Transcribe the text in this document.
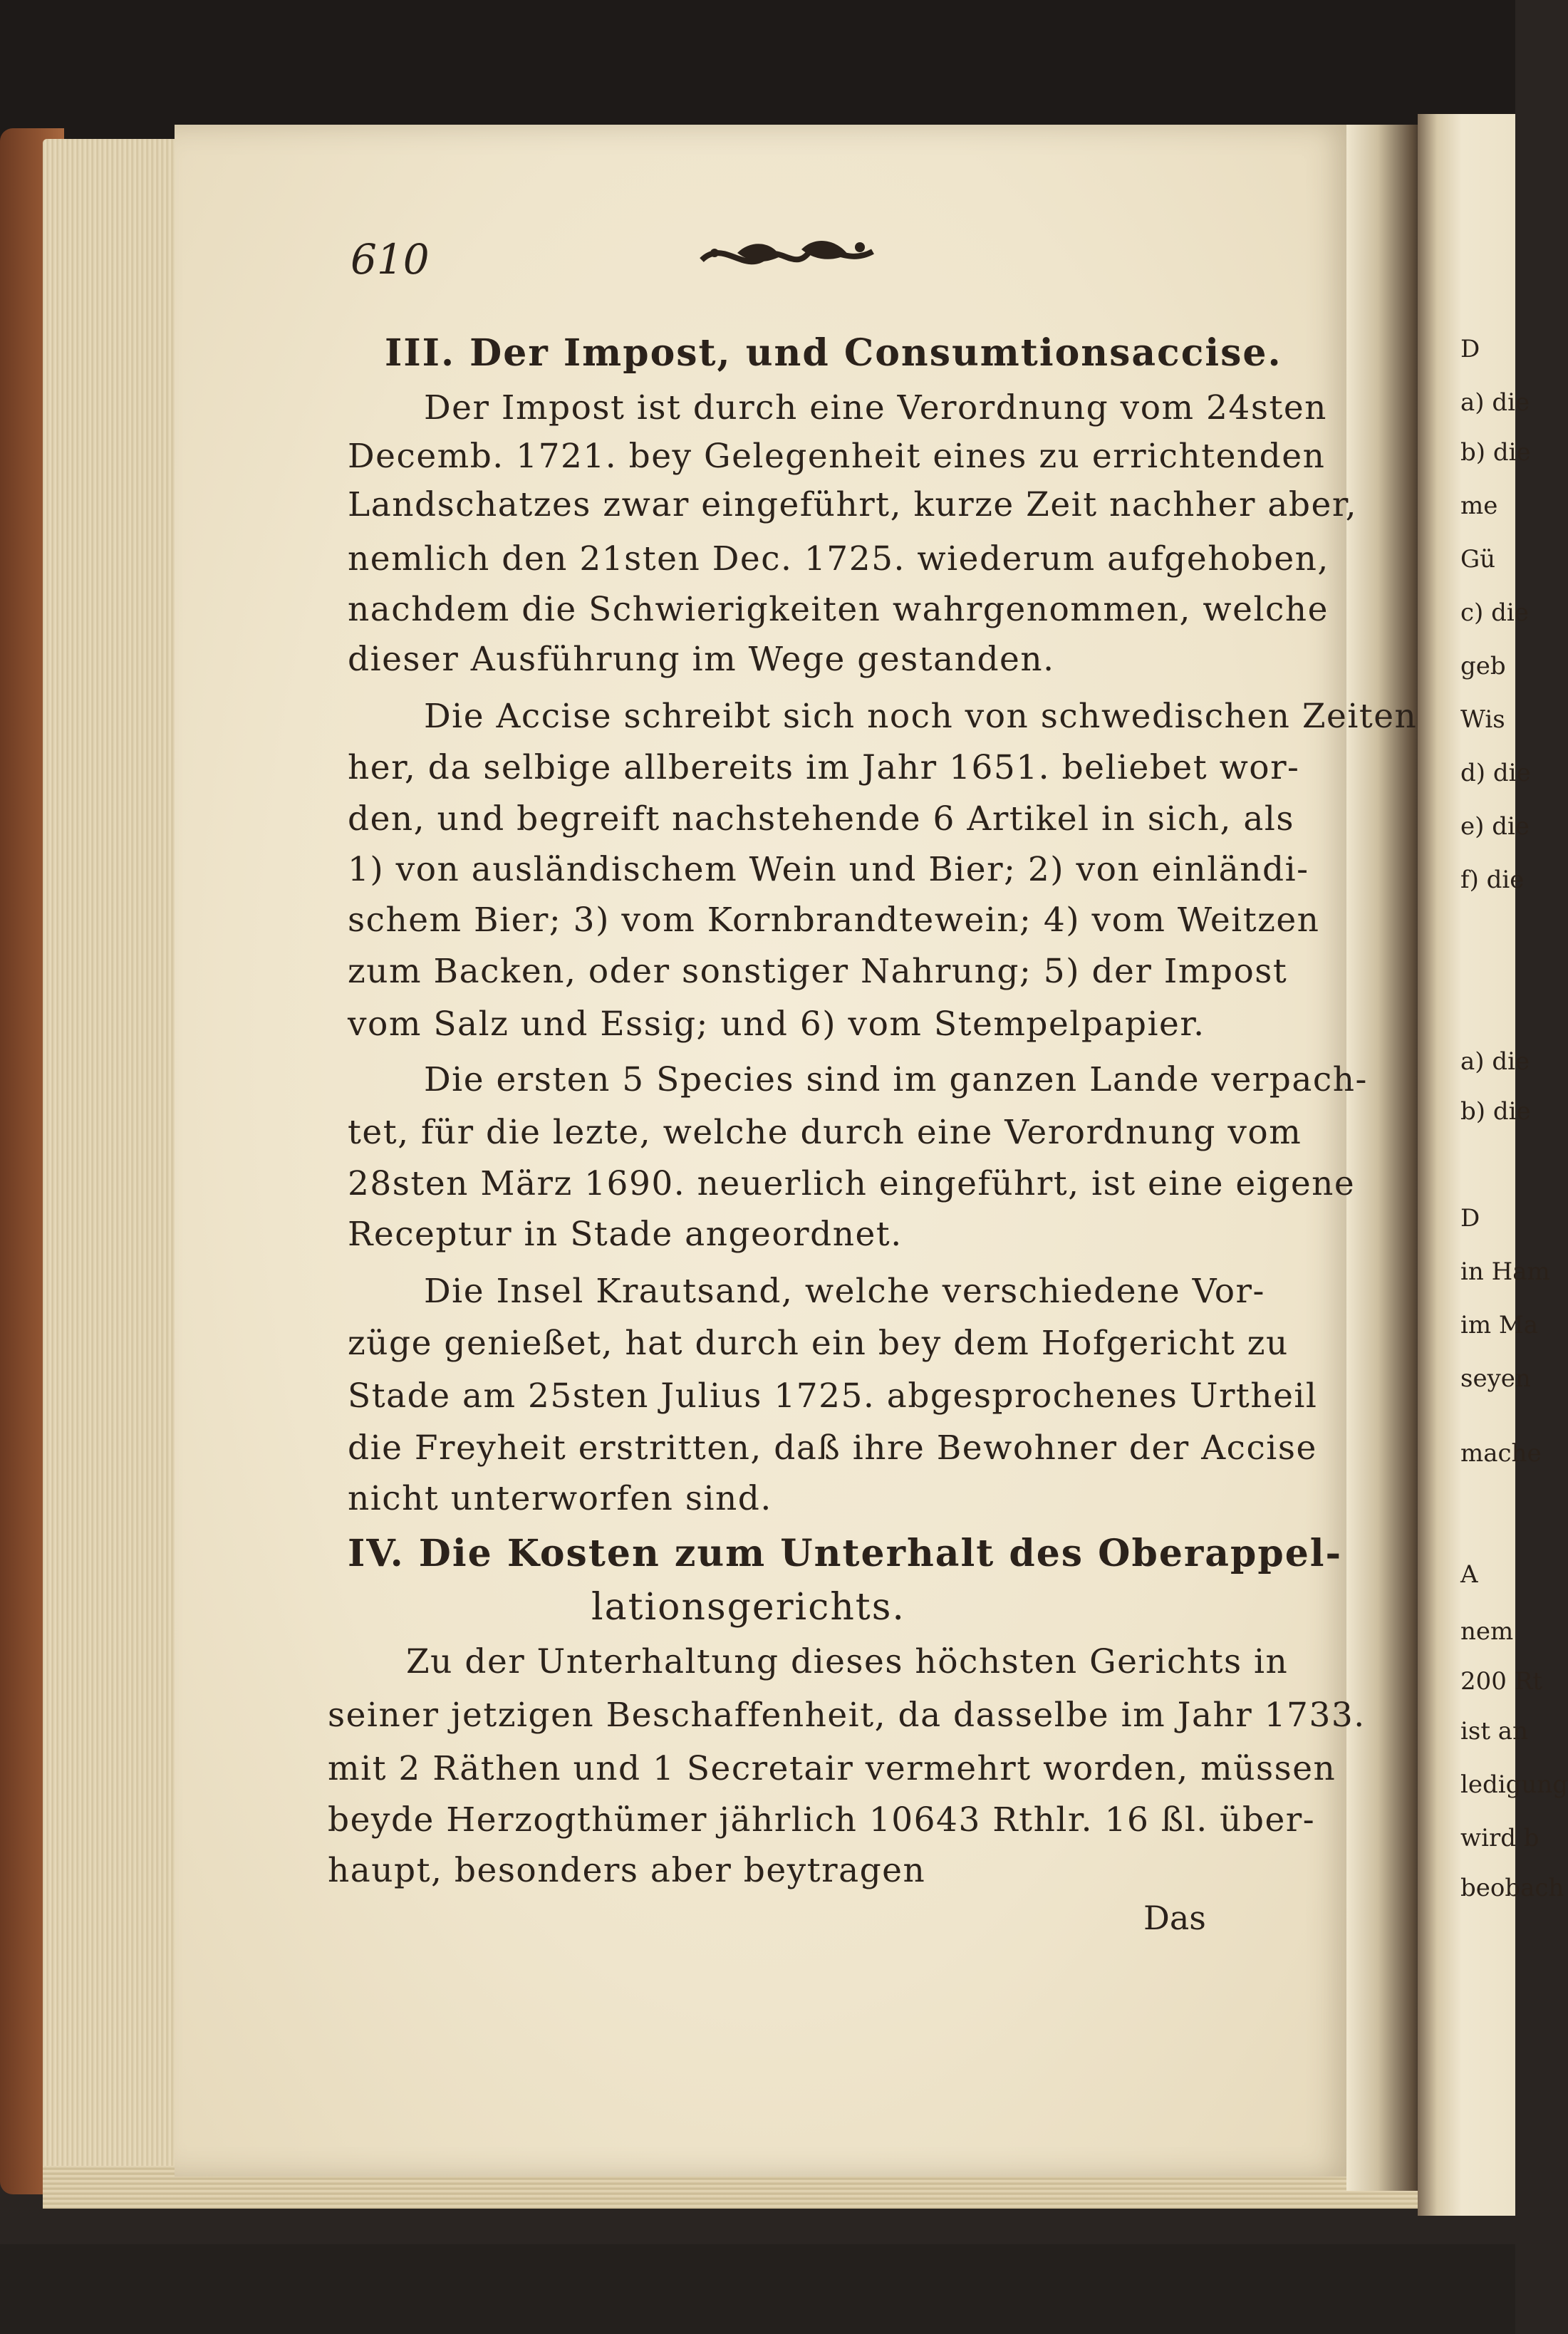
610
III. Der Impost, und Consumtionsaccise.
Der Impost ist durch eine Verordnung vom 24sten
Decemb. 1721. bey Gelegenheit eines zu errichtenden
Landschatzes zwar eingeführt, kurze Zeit nachher aber,
nemlich den 21sten Dec. 1725. wiederum aufgehoben,
nachdem die Schwierigkeiten wahrgenommen, welche
dieser Ausführung im Wege gestanden.
Die Accise schreibt sich noch von schwedischen Zeiten
her, da selbige allbereits im Jahr 1651. beliebet wor-
den, und begreift nachstehende 6 Artikel in sich, als
1) von ausländischem Wein und Bier; 2) von einländi-
schem Bier; 3) vom Kornbrandtewein; 4) vom Weitzen
zum Backen, oder sonstiger Nahrung; 5) der Impost
vom Salz und Essig; und 6) vom Stempelpapier.
Die ersten 5 Species sind im ganzen Lande verpach-
tet, für die lezte, welche durch eine Verordnung vom
28sten März 1690. neuerlich eingeführt, ist eine eigene
Receptur in Stade angeordnet.
Die Insel Krautsand, welche verschiedene Vor-
züge genießet, hat durch ein bey dem Hofgericht zu
Stade am 25sten Julius 1725. abgesprochenes Urtheil
die Freyheit erstritten, daß ihre Bewohner der Accise
nicht unterworfen sind.
IV. Die Kosten zum Unterhalt des Oberappel-
lationsgerichts.
Zu der Unterhaltung dieses höchsten Gerichts in
seiner jetzigen Beschaffenheit, da dasselbe im Jahr 1733.
mit 2 Räthen und 1 Secretair vermehrt worden, müssen
beyde Herzogthümer jährlich 10643 Rthlr. 16 ßl. über-
haupt, besonders aber beytragen
Das
D
a) die
b) die
me
Gü
c) die
geb
Wis
d) die
e) die
f) die
a) die
b) die
D
in Ham
im Ma
seyen
mache
A
nem
200 Rt
ist an
ledigung
wird b
beobach
